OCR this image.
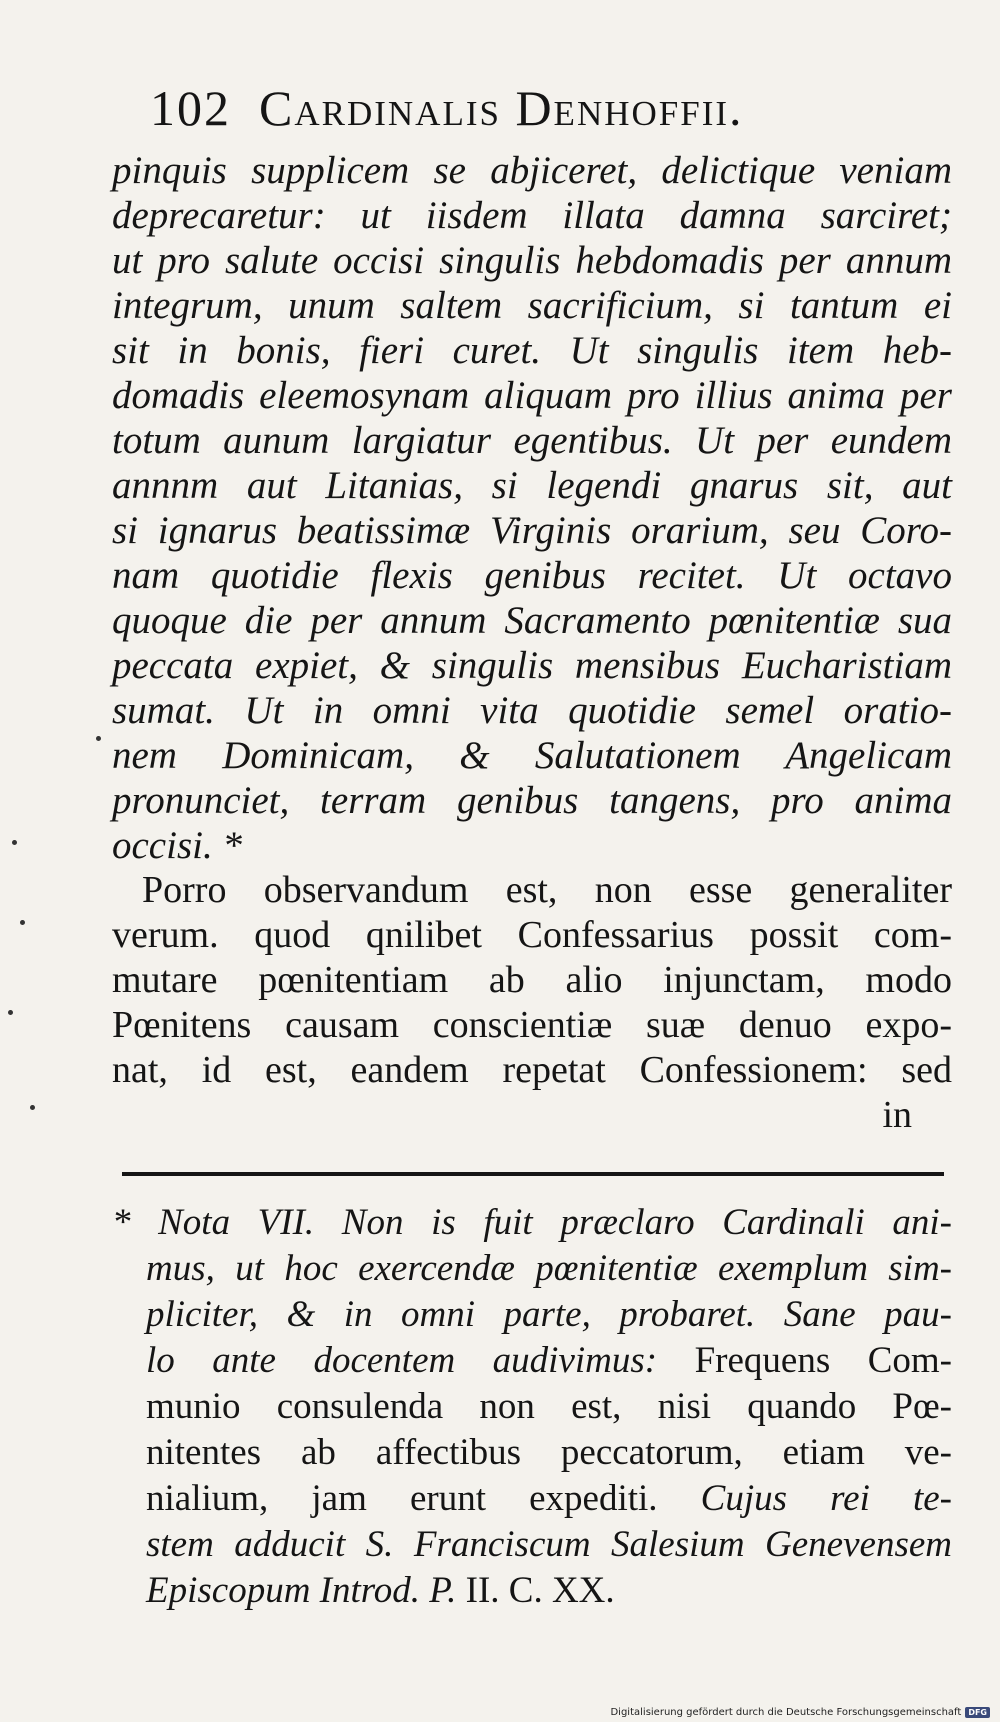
102 Cardinalis Denhoffii.
pinquis supplicem se abjiceret, delictique veniam
deprecaretur: ut iisdem illata damna sarciret;
ut pro salute occisi singulis hebdomadis per annum
integrum, unum saltem sacrificium, si tantum ei
sit in bonis, fieri curet. Ut singulis item heb-
domadis eleemosynam aliquam pro illius anima per
totum aunum largiatur egentibus. Ut per eundem
annnm aut Litanias, si legendi gnarus sit, aut
si ignarus beatissimæ Virginis orarium, seu Coro-
nam quotidie flexis genibus recitet. Ut octavo
quoque die per annum Sacramento pœnitentiæ sua
peccata expiet, & singulis mensibus Eucharistiam
sumat. Ut in omni vita quotidie semel oratio-
nem Dominicam, & Salutationem Angelicam
pronunciet, terram genibus tangens, pro anima
occisi. *
Porro observandum est, non esse generaliter
verum. quod qnilibet Confessarius possit com-
mutare pœnitentiam ab alio injunctam, modo
Pœnitens causam conscientiæ suæ denuo expo-
nat, id est, eandem repetat Confessionem: sed
in
* Nota VII. Non is fuit præclaro Cardinali ani-
mus, ut hoc exercendæ pœnitentiæ exemplum sim-
pliciter, & in omni parte, probaret. Sane pau-
lo ante docentem audivimus: Frequens Com-
munio consulenda non est, nisi quando Pœ-
nitentes ab affectibus peccatorum, etiam ve-
nialium, jam erunt expediti. Cujus rei te-
stem adducit S. Franciscum Salesium Genevensem
Episcopum Introd. P. II. C. XX.
Digitalisierung gefördert durch die Deutsche Forschungsgemeinschaft DFG
